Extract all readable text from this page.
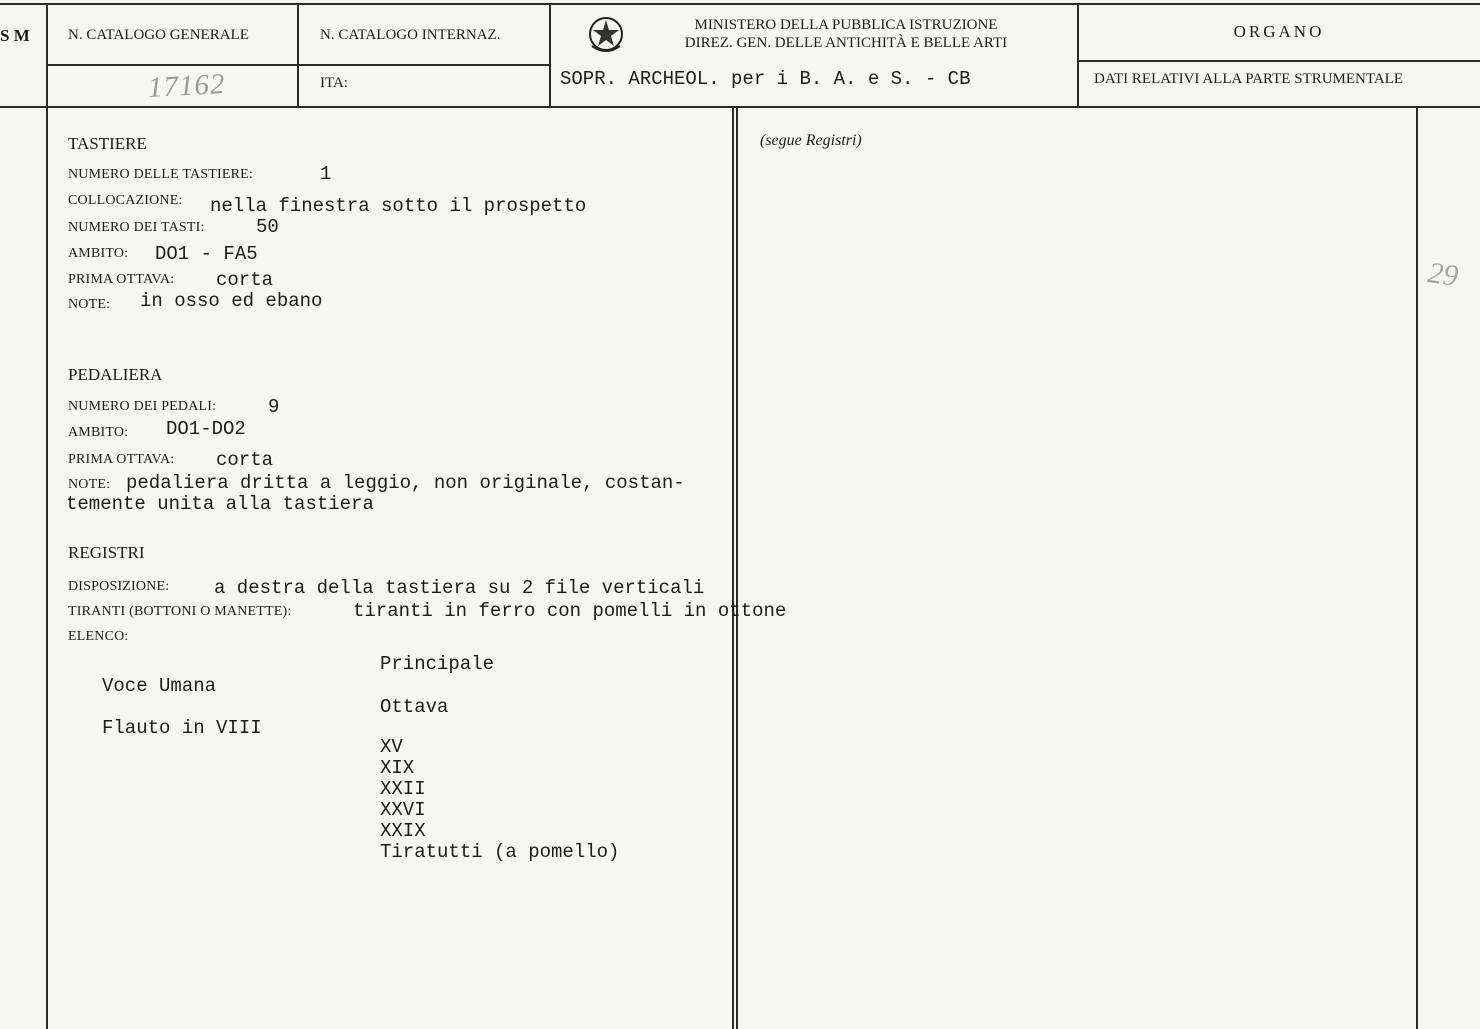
S M	N. CATALOGO GENERALE
17162
N. CATALOGO INTERNAZ.
ITA:
MINISTERO DELLA PUBBLICA ISTRUZIONE
DIREZ. GEN. DELLE ANTICHITÀ E BELLE ARTI
SOPR. ARCHEOL. per i B. A. e S. - CB
ORGANO
DATI RELATIVI ALLA PARTE STRUMENTALE

TASTIERE
NUMERO DELLE TASTIERE:	1
COLLOCAZIONE: nella finestra sotto il prospetto
NUMERO DEI TASTI:	50
AMBITO: DO1 - FA5
PRIMA OTTAVA: corta
NOTE: in osso ed ebano
PEDALIERA
NUMERO DEI PEDALI:	9
AMBITO: DO1-DO2
PRIMA OTTAVA: corta
NOTE: pedaliera dritta a leggio, non originale, costan-
temente unita alla tastiera
REGISTRI
DISPOSIZIONE: a destra della tastiera su 2 file verticali
TIRANTI (BOTTONI O MANETTE):	tiranti in ferro con pomelli in ottone
ELENCO:
Principale
Ottava
Voce Umana
Flauto in VIII
XV
XIX
XXII
XXVI
XXIX
Tiratutti (a pomello)
(segue Registri)
29
